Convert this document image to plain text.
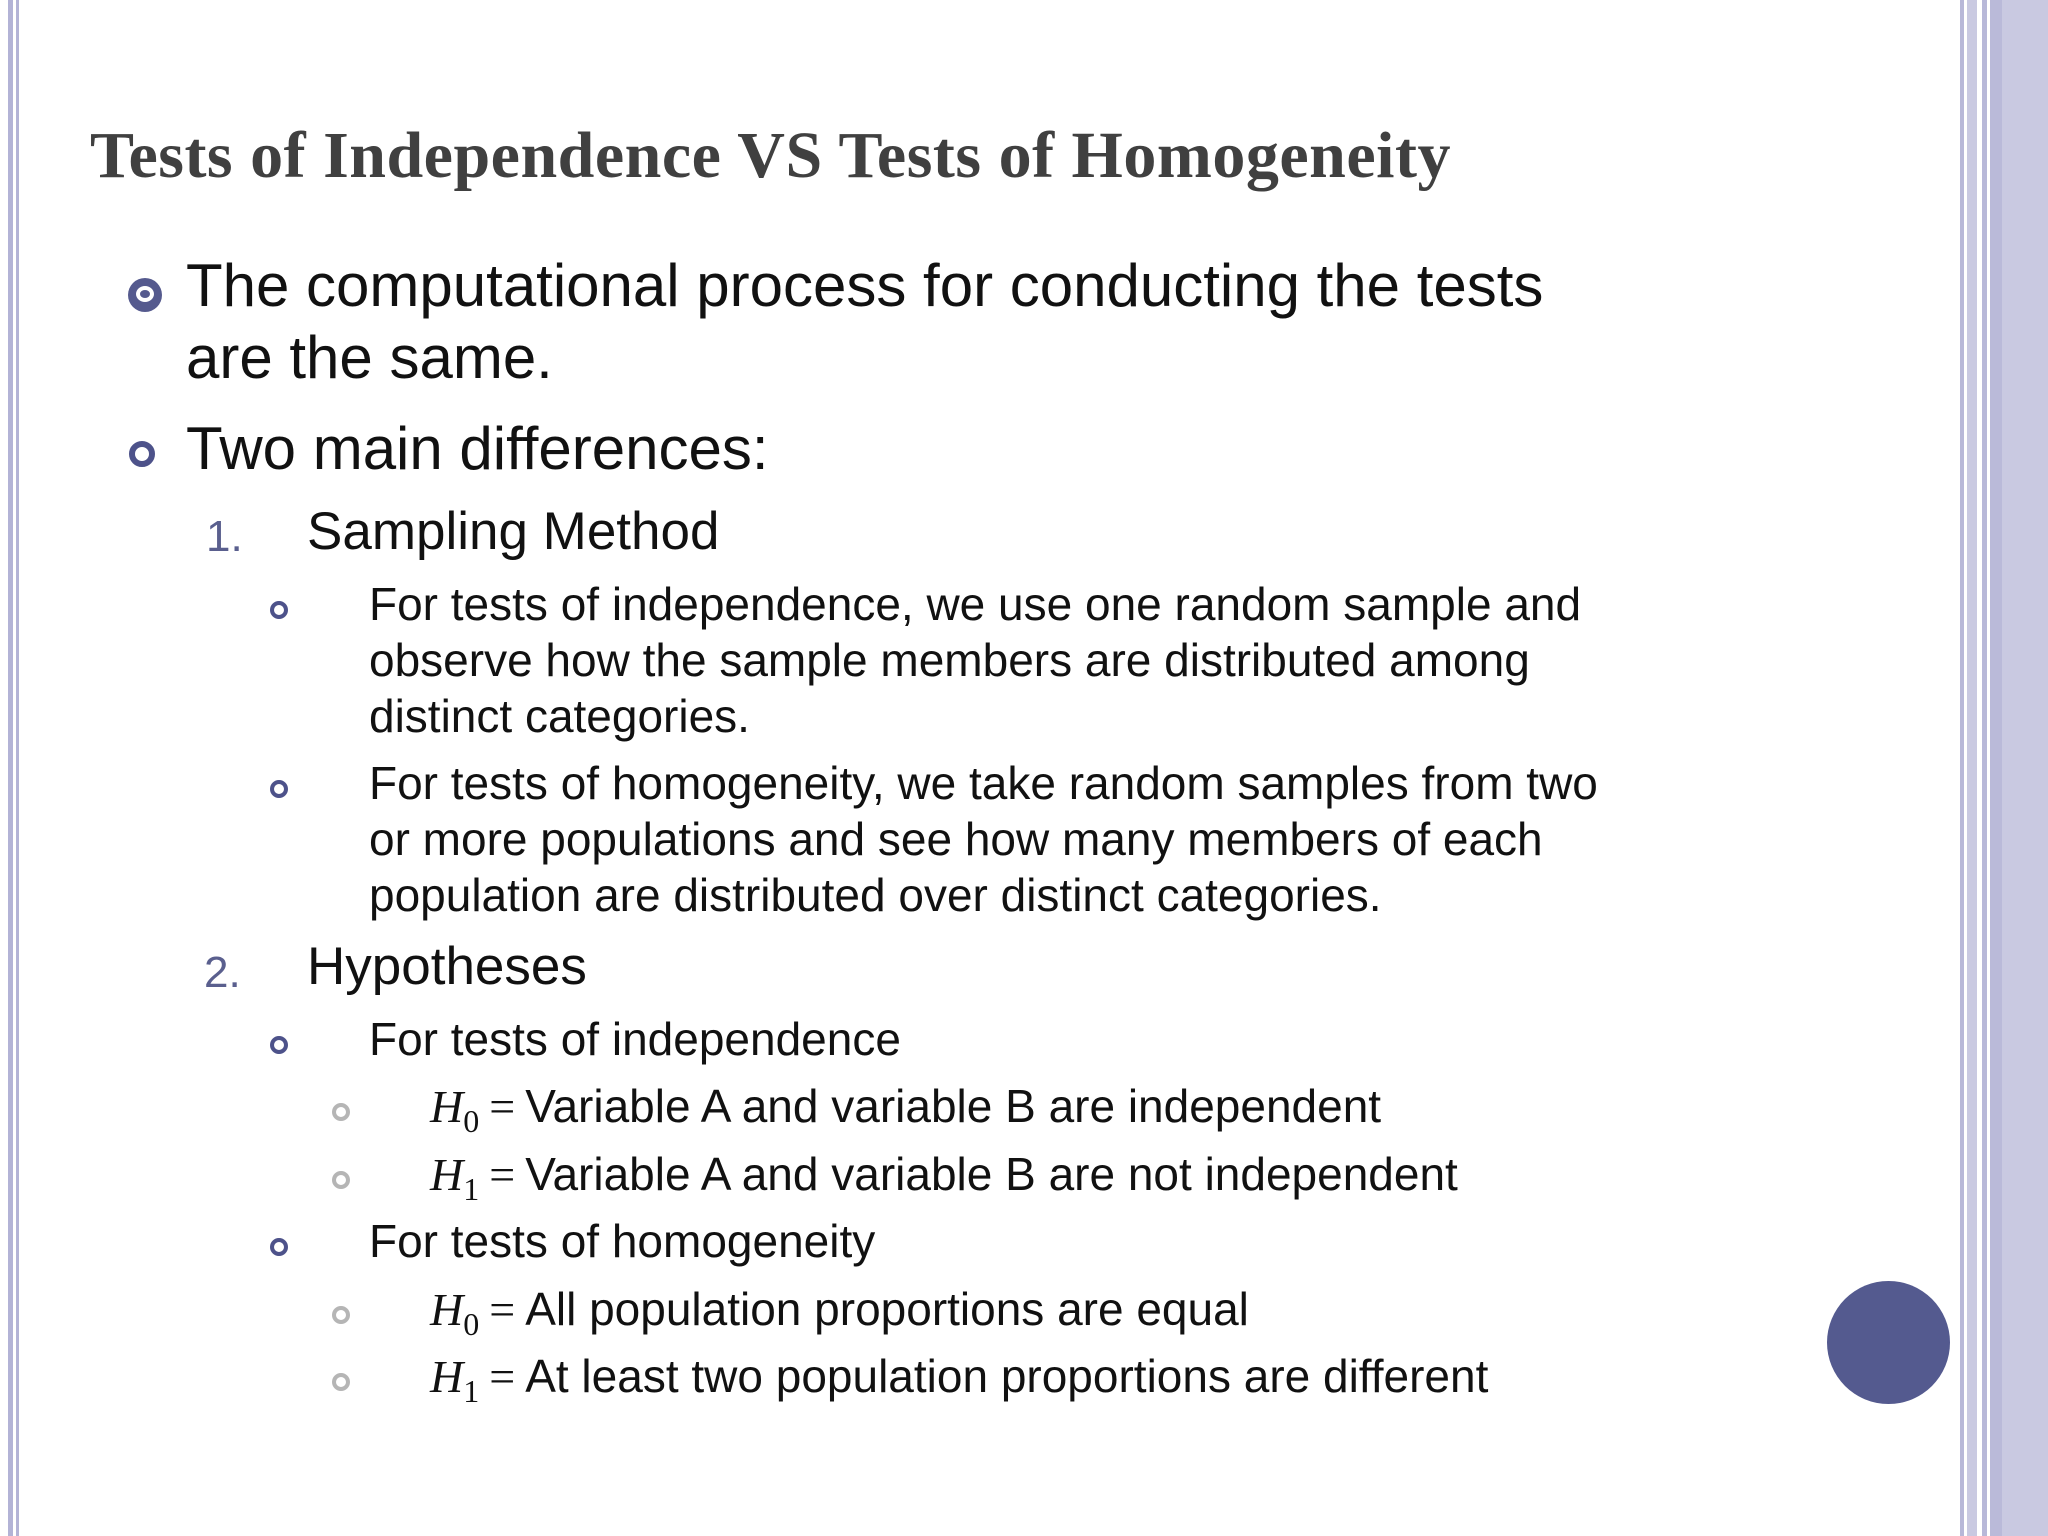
Tests of Independence VS Tests of Homogeneity
The computational process for conducting the tests
are the same.
Two main differences:
1. Sampling Method
For tests of independence, we use one random sample and
observe how the sample members are distributed among
distinct categories.
For tests of homogeneity, we take random samples from two
or more populations and see how many members of each
population are distributed over distinct categories.
2. Hypotheses
For tests of independence
$H_0$ = Variable A and variable B are independent
$H_1$ = Variable A and variable B are not independent
For tests of homogeneity
$H_0$ = All population proportions are equal
$H_1 = At$ least two population proportions are different
